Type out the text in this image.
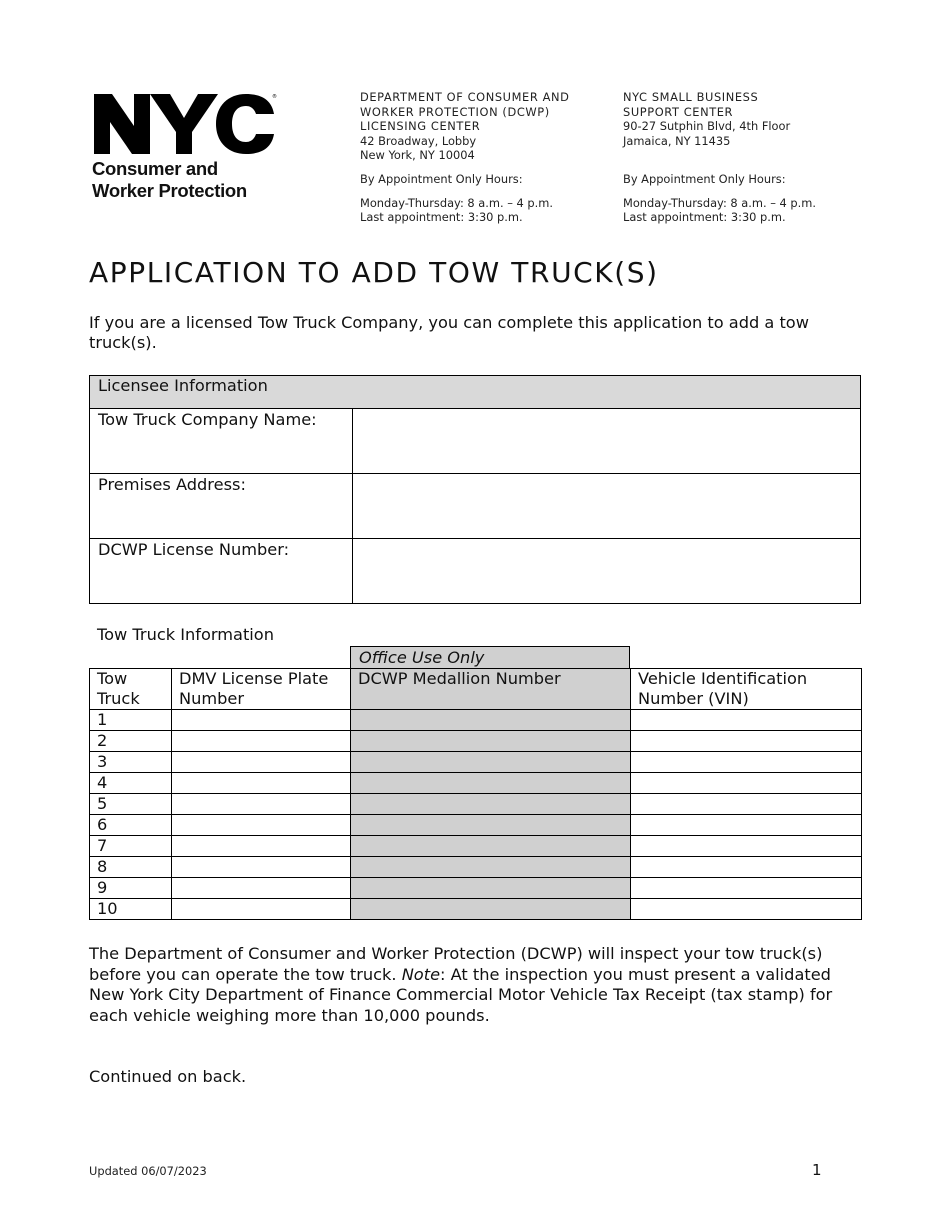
®
Consumer and
Worker Protection

DEPARTMENT OF CONSUMER AND

WORKER PROTECTION (DCWP)

LICENSING CENTER

42 Broadway, Lobby

New York, NY 10004

By Appointment Only Hours:

Monday-Thursday: 8 a.m. – 4 p.m.

Last appointment: 3:30 p.m.

NYC SMALL BUSINESS

SUPPORT CENTER

90-27 Sutphin Blvd, 4th Floor

Jamaica, NY 11435

By Appointment Only Hours:

Monday-Thursday: 8 a.m. – 4 p.m.

Last appointment: 3:30 p.m.

APPLICATION TO ADD TOW TRUCK(S)

If you are a licensed Tow Truck Company, you can complete this application to add a tow truck(s).

Licensee Information	
Tow Truck Company Name:	
Premises Address:	
DCWP License Number:	
Tow Truck Information
Office Use Only
Tow Truck	DMV License Plate Number	DCWP Medallion Number	Vehicle Identification Number (VIN)
1			
2			
3			
4			
5			
6			
7			
8			
9			
10			

The Department of Consumer and Worker Protection (DCWP) will inspect your tow truck(s) before you can operate the tow truck. Note: At the inspection you must present a validated New York City Department of Finance Commercial Motor Vehicle Tax Receipt (tax stamp) for each vehicle weighing more than 10,000 pounds.

Continued on back.

Updated 06/07/2023	1
